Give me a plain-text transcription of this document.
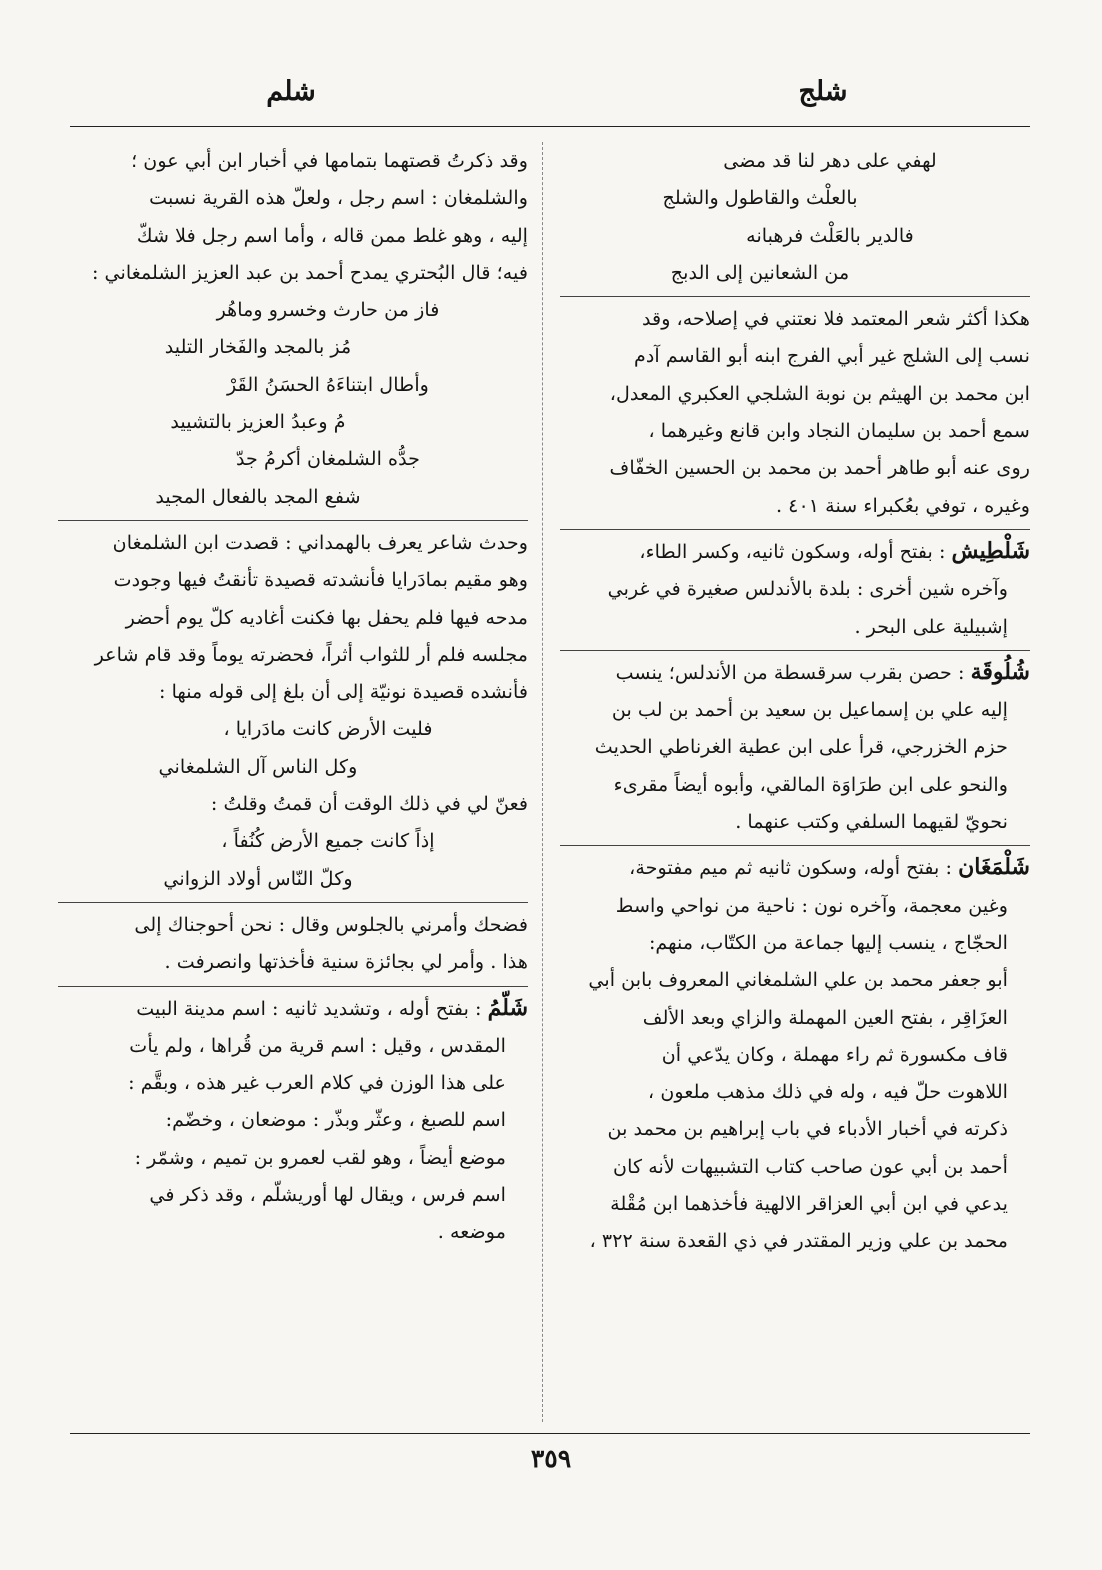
شلج
شلم
لهفي على دهر لنا قد مضى
بالعلْث والقاطول والشلج
فالدير بالعَلْث فرهبانه
من الشعانين إلى الدبج

هكذا أكثر شعر المعتمد فلا نعتني في إصلاحه، وقد

نسب إلى الشلج غير أبي الفرج ابنه أبو القاسم آدم

ابن محمد بن الهيثم بن نوبة الشلجي العكبري المعدل،

سمع أحمد بن سليمان النجاد وابن قانع وغيرهما ،

روى عنه أبو طاهر أحمد بن محمد بن الحسين الخفّاف

وغيره ، توفي بعُكبراء سنة ٤٠١ .

شَلْطِيش : بفتح أوله، وسكون ثانيه، وكسر الطاء،

وآخره شين أخرى : بلدة بالأندلس صغيرة في غربي

إشبيلية على البحر .

شُلُوقَة : حصن بقرب سرقسطة من الأندلس؛ ينسب

إليه علي بن إسماعيل بن سعيد بن أحمد بن لب بن

حزم الخزرجي، قرأ على ابن عطية الغرناطي الحديث

والنحو على ابن طرَاوَة المالقي، وأبوه أيضاً مقرىء

نحويّ لقيهما السلفي وكتب عنهما .

شَلْمَغَان : بفتح أوله، وسكون ثانيه ثم ميم مفتوحة،

وغين معجمة، وآخره نون : ناحية من نواحي واسط

الحجّاج ، ينسب إليها جماعة من الكتّاب، منهم:

أبو جعفر محمد بن علي الشلمغاني المعروف بابن أبي

العزَاقِر ، بفتح العين المهملة والزاي وبعد الألف

قاف مكسورة ثم راء مهملة ، وكان يدّعي أن

اللاهوت حلّ فيه ، وله في ذلك مذهب ملعون ،

ذكرته في أخبار الأدباء في باب إبراهيم بن محمد بن

أحمد بن أبي عون صاحب كتاب التشبيهات لأنه كان

يدعي في ابن أبي العزاقر الالهية فأخذهما ابن مُقْلة

محمد بن علي وزير المقتدر في ذي القعدة سنة ٣٢٢ ،

وقد ذكرتُ قصتهما بتمامها في أخبار ابن أبي عون ؛

والشلمغان : اسم رجل ، ولعلّ هذه القرية نسبت

إليه ، وهو غلط ممن قاله ، وأما اسم رجل فلا شكّ

فيه؛ قال البُحتري يمدح أحمد بن عبد العزيز الشلمغاني :

فاز من حارث وخسرو وماهُر
مُز بالمجد والفَخار التليد
وأطال ابتناءَهُ الحسَنُ القَرْ
مُ وعبدُ العزيز بالتشييد
جدُّه الشلمغان أكرمُ جدّ
شفع المجد بالفعال المجيد

وحدث شاعر يعرف بالهمداني : قصدت ابن الشلمغان

وهو مقيم بمادَرايا فأنشدته قصيدة تأنقتُ فيها وجودت

مدحه فيها فلم يحفل بها فكنت أغاديه كلّ يوم أحضر

مجلسه فلم أر للثواب أثراً، فحضرته يوماً وقد قام شاعر

فأنشده قصيدة نونيّة إلى أن بلغ إلى قوله منها :

فليت الأرض كانت مادَرايا ،
وكل الناس آل الشلمغاني

فعنّ لي في ذلك الوقت أن قمتُ وقلتُ :

إذاً كانت جميع الأرض كُنُفاً ،
وكلّ النّاس أولاد الزواني

فضحك وأمرني بالجلوس وقال : نحن أحوجناك إلى

هذا . وأمر لي بجائزة سنية فأخذتها وانصرفت .

شَلّمُ : بفتح أوله ، وتشديد ثانيه : اسم مدينة البيت

المقدس ، وقيل : اسم قرية من قُراها ، ولم يأت

على هذا الوزن في كلام العرب غير هذه ، وبقَّم :

اسم للصبغ ، وعثّر وبذّر : موضعان ، وخضّم:

موضع أيضاً ، وهو لقب لعمرو بن تميم ، وشمّر :

اسم فرس ، ويقال لها أوريشلّم ، وقد ذكر في

موضعه .

٣٥٩
